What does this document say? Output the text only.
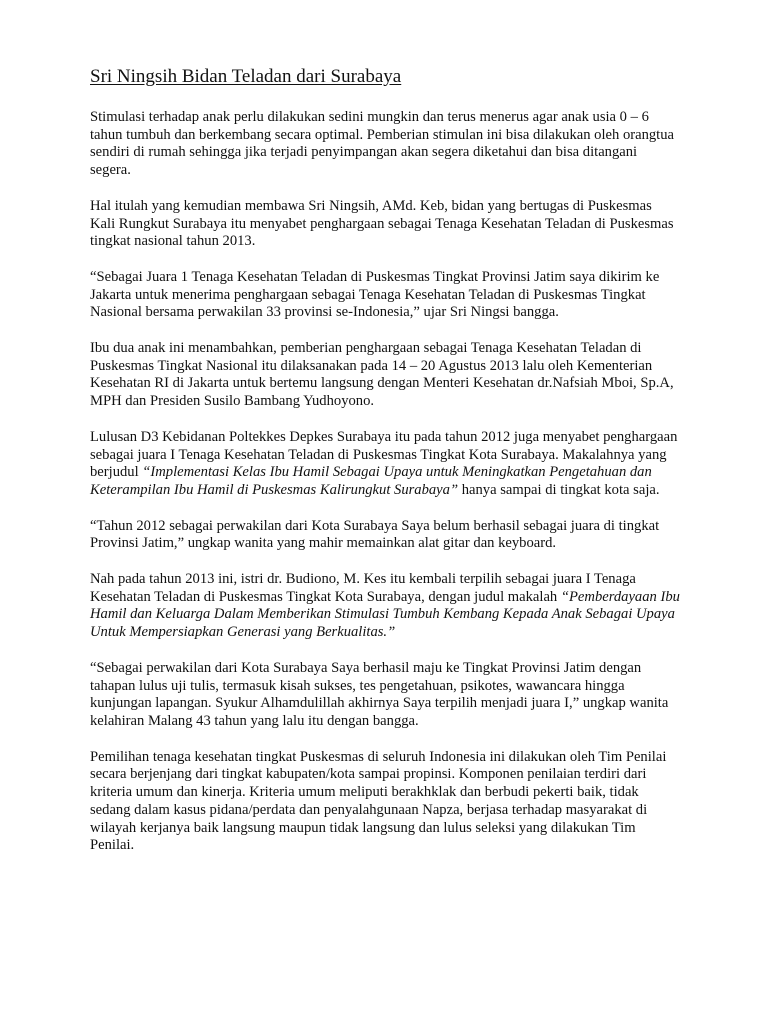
Sri Ningsih Bidan Teladan dari Surabaya

Stimulasi terhadap anak perlu dilakukan sedini mungkin dan terus menerus agar anak usia 0 – 6 tahun tumbuh dan berkembang secara optimal. Pemberian stimulan ini bisa dilakukan oleh orangtua sendiri di rumah sehingga jika terjadi penyimpangan akan segera diketahui dan bisa ditangani segera.

Hal itulah yang kemudian membawa Sri Ningsih, AMd. Keb, bidan yang bertugas di Puskesmas Kali Rungkut Surabaya itu menyabet penghargaan sebagai Tenaga Kesehatan Teladan di Puskesmas tingkat nasional tahun 2013.

“Sebagai Juara 1 Tenaga Kesehatan Teladan di Puskesmas Tingkat Provinsi Jatim saya dikirim ke Jakarta untuk menerima penghargaan sebagai Tenaga Kesehatan Teladan di Puskesmas Tingkat Nasional bersama perwakilan 33 provinsi se-Indonesia,” ujar Sri Ningsi bangga.

Ibu dua anak ini menambahkan, pemberian penghargaan sebagai Tenaga Kesehatan Teladan di Puskesmas Tingkat Nasional itu dilaksanakan pada 14 – 20 Agustus 2013 lalu oleh Kementerian Kesehatan RI di Jakarta untuk bertemu langsung dengan Menteri Kesehatan dr.Nafsiah Mboi, Sp.A, MPH dan Presiden Susilo Bambang Yudhoyono.

Lulusan D3 Kebidanan Poltekkes Depkes Surabaya itu pada tahun 2012 juga menyabet penghargaan sebagai juara I Tenaga Kesehatan Teladan di Puskesmas Tingkat Kota Surabaya. Makalahnya yang berjudul “Implementasi Kelas Ibu Hamil Sebagai Upaya untuk Meningkatkan Pengetahuan dan Keterampilan Ibu Hamil di Puskesmas Kalirungkut Surabaya” hanya sampai di tingkat kota saja.

“Tahun 2012 sebagai perwakilan dari Kota Surabaya Saya belum berhasil sebagai juara di tingkat Provinsi Jatim,” ungkap wanita yang mahir memainkan alat gitar dan keyboard.

Nah pada tahun 2013 ini, istri dr. Budiono, M. Kes itu kembali terpilih sebagai juara I Tenaga Kesehatan Teladan di Puskesmas Tingkat Kota Surabaya, dengan judul makalah “Pemberdayaan Ibu Hamil dan Keluarga Dalam Memberikan Stimulasi Tumbuh Kembang Kepada Anak Sebagai Upaya Untuk Mempersiapkan Generasi yang Berkualitas.”

“Sebagai perwakilan dari Kota Surabaya Saya berhasil maju ke Tingkat Provinsi Jatim dengan tahapan lulus uji tulis, termasuk kisah sukses, tes pengetahuan, psikotes, wawancara hingga kunjungan lapangan. Syukur Alhamdulillah akhirnya Saya terpilih menjadi juara I,” ungkap wanita kelahiran Malang 43 tahun yang lalu itu dengan bangga.

Pemilihan tenaga kesehatan tingkat Puskesmas di seluruh Indonesia ini dilakukan oleh Tim Penilai secara berjenjang dari tingkat kabupaten/kota sampai propinsi. Komponen penilaian terdiri dari kriteria umum dan kinerja. Kriteria umum meliputi berakhklak dan berbudi pekerti baik, tidak sedang dalam kasus pidana/perdata dan penyalahgunaan Napza, berjasa terhadap masyarakat di wilayah kerjanya baik langsung maupun tidak langsung dan lulus seleksi yang dilakukan Tim Penilai.
